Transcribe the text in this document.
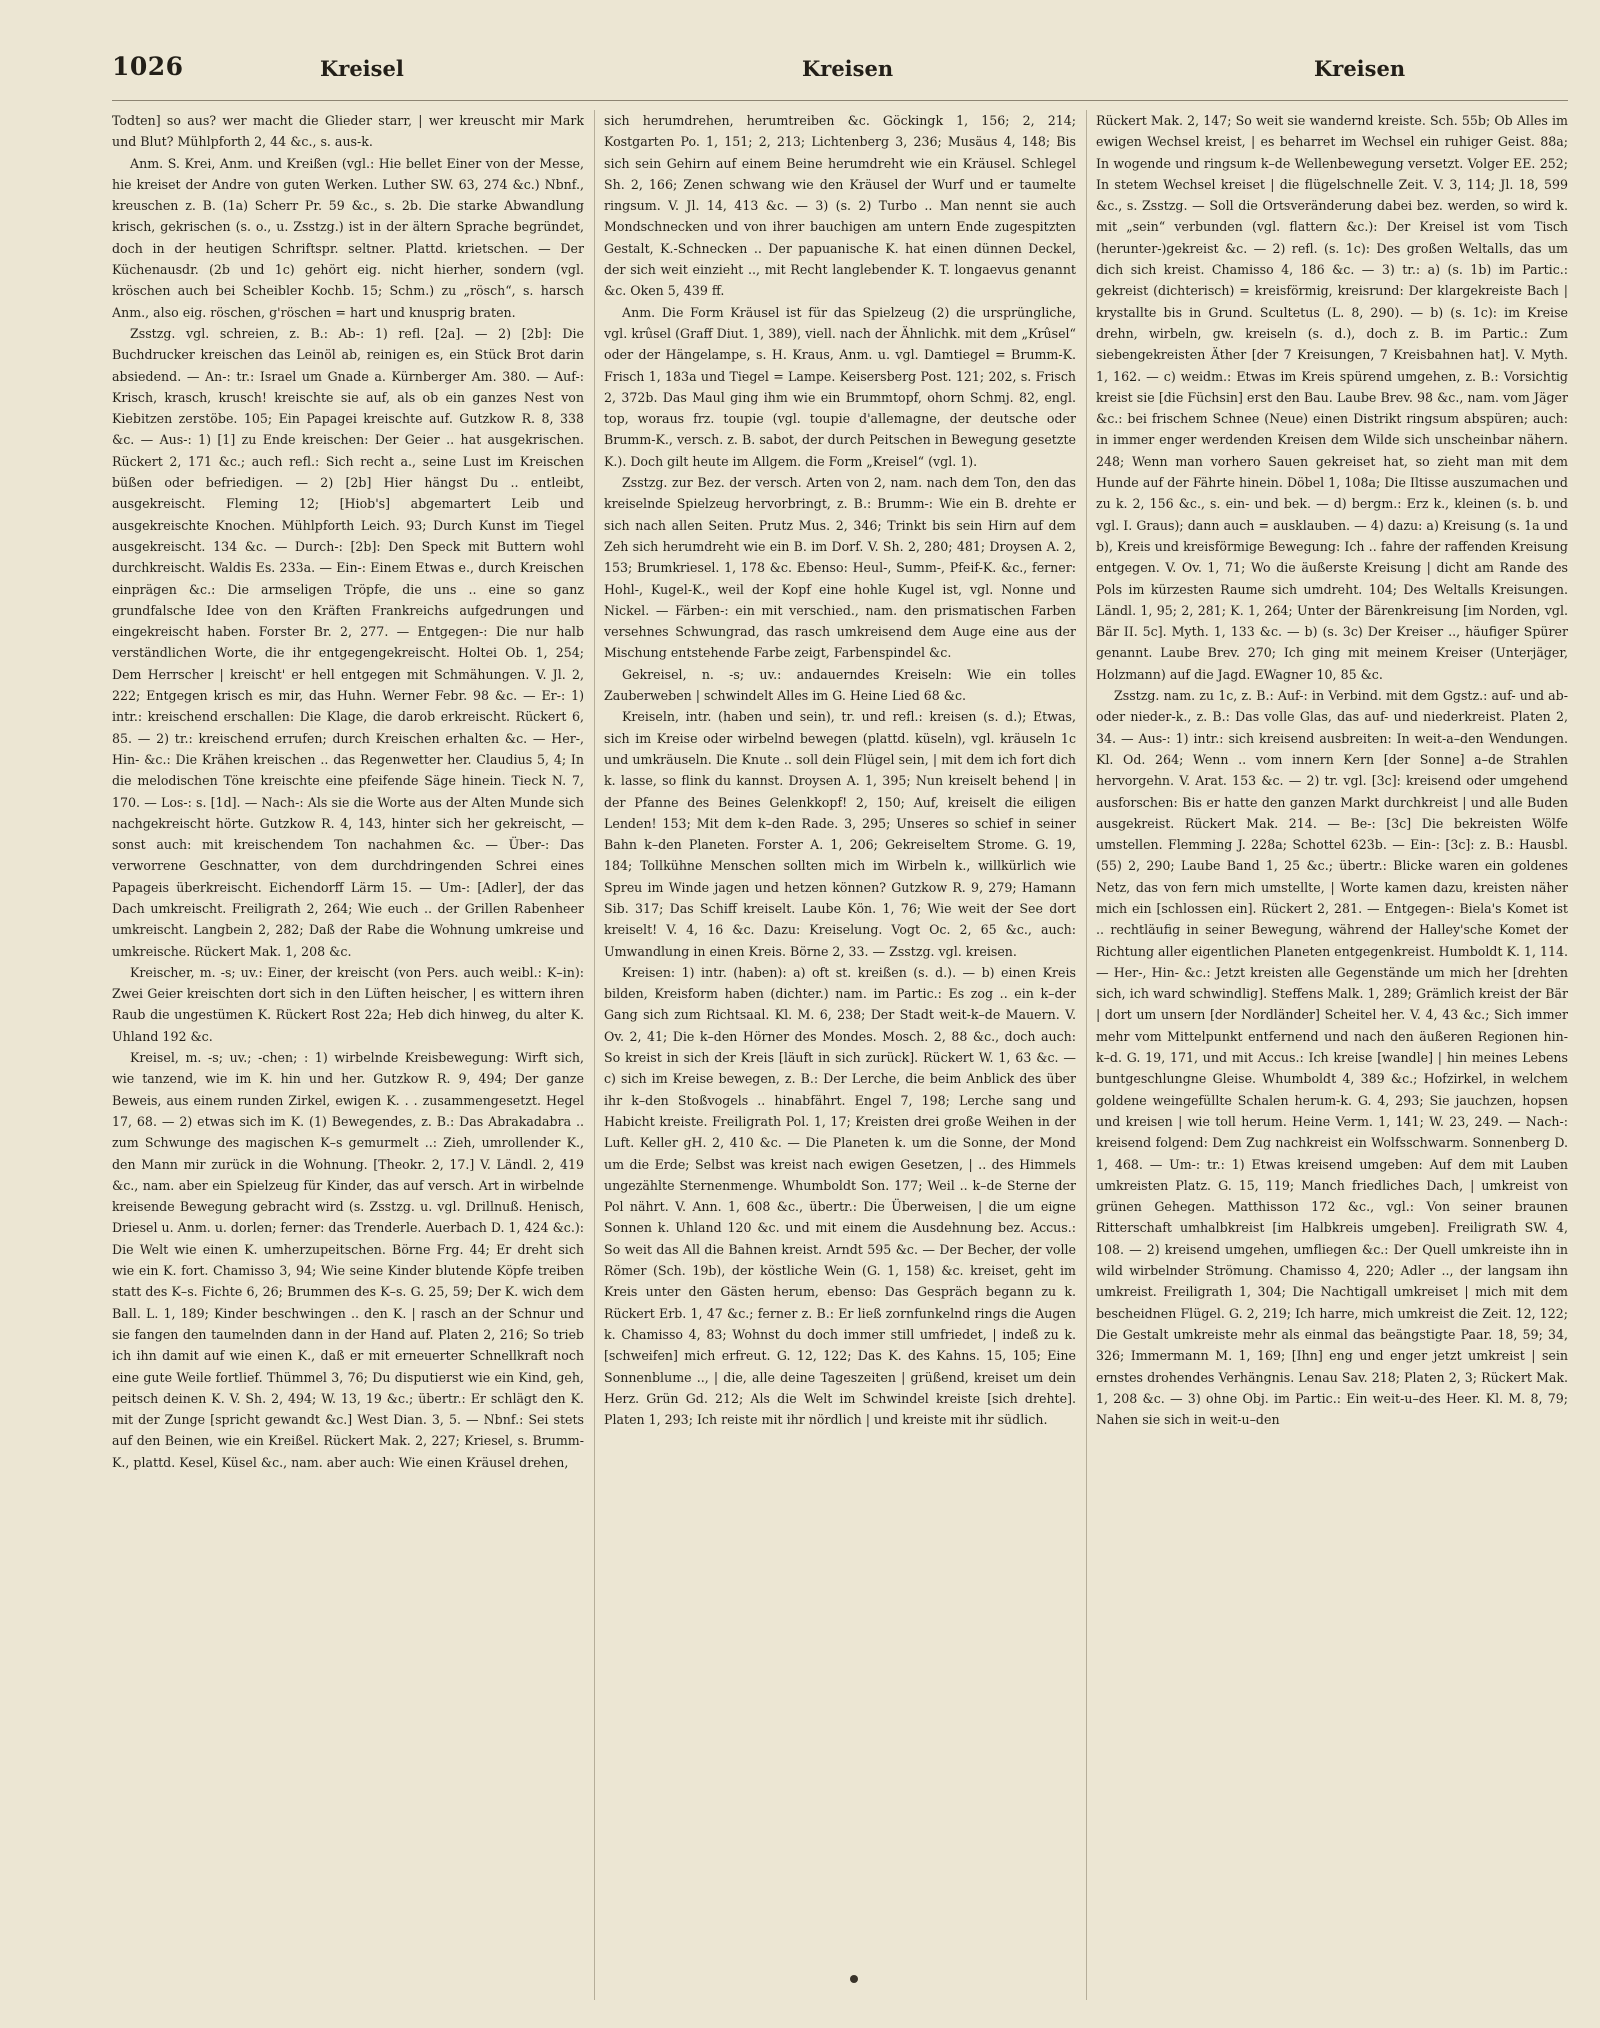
1026	Kreisel	Kreisen	Kreisen

Todten] so aus? wer macht die Glieder starr, | wer kreuscht mir Mark und Blut? Mühlpforth 2, 44 &c., s. aus-k.

Anm. S. Krei, Anm. und Kreißen (vgl.: Hie bellet Einer von der Messe, hie kreiset der Andre von guten Werken. Luther SW. 63, 274 &c.) Nbnf., kreuschen z. B. (1a) Scherr Pr. 59 &c., s. 2b. Die starke Abwandlung krisch, gekrischen (s. o., u. Zsstzg.) ist in der ältern Sprache begründet, doch in der heutigen Schriftspr. seltner. Plattd. krietschen. — Der Küchenausdr. (2b und 1c) gehört eig. nicht hierher, sondern (vgl. kröschen auch bei Scheibler Kochb. 15; Schm.) zu „rösch“, s. harsch Anm., also eig. röschen, g'röschen = hart und knusprig braten.

Zsstzg. vgl. schreien, z. B.: Ab-: 1) refl. [2a]. — 2) [2b]: Die Buchdrucker kreischen das Leinöl ab, reinigen es, ein Stück Brot darin absiedend. — An-: tr.: Israel um Gnade a. Kürnberger Am. 380. — Auf-: Krisch, krasch, krusch! kreischte sie auf, als ob ein ganzes Nest von Kiebitzen zerstöbe. 105; Ein Papagei kreischte auf. Gutzkow R. 8, 338 &c. — Aus-: 1) [1] zu Ende kreischen: Der Geier .. hat ausgekrischen. Rückert 2, 171 &c.; auch refl.: Sich recht a., seine Lust im Kreischen büßen oder befriedigen. — 2) [2b] Hier hängst Du .. entleibt, ausgekreischt. Fleming 12; [Hiob's] abgemartert Leib und ausgekreischte Knochen. Mühlpforth Leich. 93; Durch Kunst im Tiegel ausgekreischt. 134 &c. — Durch-: [2b]: Den Speck mit Buttern wohl durchkreischt. Waldis Es. 233a. — Ein-: Einem Etwas e., durch Kreischen einprägen &c.: Die armseligen Tröpfe, die uns .. eine so ganz grundfalsche Idee von den Kräften Frankreichs aufgedrungen und eingekreischt haben. Forster Br. 2, 277. — Entgegen-: Die nur halb verständlichen Worte, die ihr entgegengekreischt. Holtei Ob. 1, 254; Dem Herrscher | kreischt' er hell entgegen mit Schmähungen. V. Jl. 2, 222; Entgegen krisch es mir, das Huhn. Werner Febr. 98 &c. — Er-: 1) intr.: kreischend erschallen: Die Klage, die darob erkreischt. Rückert 6, 85. — 2) tr.: kreischend errufen; durch Kreischen erhalten &c. — Her-, Hin- &c.: Die Krähen kreischen .. das Regenwetter her. Claudius 5, 4; In die melodischen Töne kreischte eine pfeifende Säge hinein. Tieck N. 7, 170. — Los-: s. [1d]. — Nach-: Als sie die Worte aus der Alten Munde sich nachgekreischt hörte. Gutzkow R. 4, 143, hinter sich her gekreischt, — sonst auch: mit kreischendem Ton nachahmen &c. — Über-: Das verworrene Geschnatter, von dem durchdringenden Schrei eines Papageis überkreischt. Eichendorff Lärm 15. — Um-: [Adler], der das Dach umkreischt. Freiligrath 2, 264; Wie euch .. der Grillen Rabenheer umkreischt. Langbein 2, 282; Daß der Rabe die Wohnung umkreise und umkreische. Rückert Mak. 1, 208 &c.

Kreischer, m. -s; uv.: Einer, der kreischt (von Pers. auch weibl.: K–in): Zwei Geier kreischten dort sich in den Lüften heischer, | es wittern ihren Raub die ungestümen K. Rückert Rost 22a; Heb dich hinweg, du alter K. Uhland 192 &c.

Kreisel, m. -s; uv.; -chen; : 1) wirbelnde Kreisbewegung: Wirft sich, wie tanzend, wie im K. hin und her. Gutzkow R. 9, 494; Der ganze Beweis, aus einem runden Zirkel, ewigen K. . . zusammengesetzt. Hegel 17, 68. — 2) etwas sich im K. (1) Bewegendes, z. B.: Das Abrakadabra .. zum Schwunge des magischen K–s gemurmelt ..: Zieh, umrollender K., den Mann mir zurück in die Wohnung. [Theokr. 2, 17.] V. Ländl. 2, 419 &c., nam. aber ein Spielzeug für Kinder, das auf versch. Art in wirbelnde kreisende Bewegung gebracht wird (s. Zsstzg. u. vgl. Drillnuß. Henisch, Driesel u. Anm. u. dorlen; ferner: das Trenderle. Auerbach D. 1, 424 &c.): Die Welt wie einen K. umherzupeitschen. Börne Frg. 44; Er dreht sich wie ein K. fort. Chamisso 3, 94; Wie seine Kinder blutende Köpfe treiben statt des K–s. Fichte 6, 26; Brummen des K–s. G. 25, 59; Der K. wich dem Ball. L. 1, 189; Kinder beschwingen .. den K. | rasch an der Schnur und sie fangen den taumelnden dann in der Hand auf. Platen 2, 216; So trieb ich ihn damit auf wie einen K., daß er mit erneuerter Schnellkraft noch eine gute Weile fortlief. Thümmel 3, 76; Du disputierst wie ein Kind, geh, peitsch deinen K. V. Sh. 2, 494; W. 13, 19 &c.; übertr.: Er schlägt den K. mit der Zunge [spricht gewandt &c.] West Dian. 3, 5. — Nbnf.: Sei stets auf den Beinen, wie ein Kreißel. Rückert Mak. 2, 227; Kriesel, s. Brumm-K., plattd. Kesel, Küsel &c., nam. aber auch: Wie einen Kräusel drehen,

sich herumdrehen, herumtreiben &c. Göckingk 1, 156; 2, 214; Kostgarten Po. 1, 151; 2, 213; Lichtenberg 3, 236; Musäus 4, 148; Bis sich sein Gehirn auf einem Beine herumdreht wie ein Kräusel. Schlegel Sh. 2, 166; Zenen schwang wie den Kräusel der Wurf und er taumelte ringsum. V. Jl. 14, 413 &c. — 3) (s. 2) Turbo .. Man nennt sie auch Mondschnecken und von ihrer bauchigen am untern Ende zugespitzten Gestalt, K.-Schnecken .. Der papuanische K. hat einen dünnen Deckel, der sich weit einzieht .., mit Recht langlebender K. T. longaevus genannt &c. Oken 5, 439 ff.

Anm. Die Form Kräusel ist für das Spielzeug (2) die ursprüngliche, vgl. krûsel (Graff Diut. 1, 389), viell. nach der Ähnlichk. mit dem „Krûsel“ oder der Hängelampe, s. H. Kraus, Anm. u. vgl. Damtiegel = Brumm-K. Frisch 1, 183a und Tiegel = Lampe. Keisersberg Post. 121; 202, s. Frisch 2, 372b. Das Maul ging ihm wie ein Brummtopf, ohorn Schmj. 82, engl. top, woraus frz. toupie (vgl. toupie d'allemagne, der deutsche oder Brumm-K., versch. z. B. sabot, der durch Peitschen in Bewegung gesetzte K.). Doch gilt heute im Allgem. die Form „Kreisel“ (vgl. 1).

Zsstzg. zur Bez. der versch. Arten von 2, nam. nach dem Ton, den das kreiselnde Spielzeug hervorbringt, z. B.: Brumm-: Wie ein B. drehte er sich nach allen Seiten. Prutz Mus. 2, 346; Trinkt bis sein Hirn auf dem Zeh sich herumdreht wie ein B. im Dorf. V. Sh. 2, 280; 481; Droysen A. 2, 153; Brumkriesel. 1, 178 &c. Ebenso: Heul-, Summ-, Pfeif-K. &c., ferner: Hohl-, Kugel-K., weil der Kopf eine hohle Kugel ist, vgl. Nonne und Nickel. — Färben-: ein mit verschied., nam. den prismatischen Farben versehnes Schwungrad, das rasch umkreisend dem Auge eine aus der Mischung entstehende Farbe zeigt, Farbenspindel &c.

Gekreisel, n. -s; uv.: andauerndes Kreiseln: Wie ein tolles Zauberweben | schwindelt Alles im G. Heine Lied 68 &c.

Kreiseln, intr. (haben und sein), tr. und refl.: kreisen (s. d.); Etwas, sich im Kreise oder wirbelnd bewegen (plattd. küseln), vgl. kräuseln 1c und umkräuseln. Die Knute .. soll dein Flügel sein, | mit dem ich fort dich k. lasse, so flink du kannst. Droysen A. 1, 395; Nun kreiselt behend | in der Pfanne des Beines Gelenkkopf! 2, 150; Auf, kreiselt die eiligen Lenden! 153; Mit dem k–den Rade. 3, 295; Unseres so schief in seiner Bahn k–den Planeten. Forster A. 1, 206; Gekreiseltem Strome. G. 19, 184; Tollkühne Menschen sollten mich im Wirbeln k., willkürlich wie Spreu im Winde jagen und hetzen können? Gutzkow R. 9, 279; Hamann Sib. 317; Das Schiff kreiselt. Laube Kön. 1, 76; Wie weit der See dort kreiselt! V. 4, 16 &c. Dazu: Kreiselung. Vogt Oc. 2, 65 &c., auch: Umwandlung in einen Kreis. Börne 2, 33. — Zsstzg. vgl. kreisen.

Kreisen: 1) intr. (haben): a) oft st. kreißen (s. d.). — b) einen Kreis bilden, Kreisform haben (dichter.) nam. im Partic.: Es zog .. ein k–der Gang sich zum Richtsaal. Kl. M. 6, 238; Der Stadt weit-k–de Mauern. V. Ov. 2, 41; Die k–den Hörner des Mondes. Mosch. 2, 88 &c., doch auch: So kreist in sich der Kreis [läuft in sich zurück]. Rückert W. 1, 63 &c. — c) sich im Kreise bewegen, z. B.: Der Lerche, die beim Anblick des über ihr k–den Stoßvogels .. hinabfährt. Engel 7, 198; Lerche sang und Habicht kreiste. Freiligrath Pol. 1, 17; Kreisten drei große Weihen in der Luft. Keller gH. 2, 410 &c. — Die Planeten k. um die Sonne, der Mond um die Erde; Selbst was kreist nach ewigen Gesetzen, | .. des Himmels ungezählte Sternenmenge. Whumboldt Son. 177; Weil .. k–de Sterne der Pol nährt. V. Ann. 1, 608 &c., übertr.: Die Überweisen, | die um eigne Sonnen k. Uhland 120 &c. und mit einem die Ausdehnung bez. Accus.: So weit das All die Bahnen kreist. Arndt 595 &c. — Der Becher, der volle Römer (Sch. 19b), der köstliche Wein (G. 1, 158) &c. kreiset, geht im Kreis unter den Gästen herum, ebenso: Das Gespräch begann zu k. Rückert Erb. 1, 47 &c.; ferner z. B.: Er ließ zornfunkelnd rings die Augen k. Chamisso 4, 83; Wohnst du doch immer still umfriedet, | indeß zu k. [schweifen] mich erfreut. G. 12, 122; Das K. des Kahns. 15, 105; Eine Sonnenblume .., | die, alle deine Tageszeiten | grüßend, kreiset um dein Herz. Grün Gd. 212; Als die Welt im Schwindel kreiste [sich drehte]. Platen 1, 293; Ich reiste mit ihr nördlich | und kreiste mit ihr südlich.

Rückert Mak. 2, 147; So weit sie wandernd kreiste. Sch. 55b; Ob Alles im ewigen Wechsel kreist, | es beharret im Wechsel ein ruhiger Geist. 88a; In wogende und ringsum k–de Wellenbewegung versetzt. Volger EE. 252; In stetem Wechsel kreiset | die flügelschnelle Zeit. V. 3, 114; Jl. 18, 599 &c., s. Zsstzg. — Soll die Ortsveränderung dabei bez. werden, so wird k. mit „sein“ verbunden (vgl. flattern &c.): Der Kreisel ist vom Tisch (herunter-)gekreist &c. — 2) refl. (s. 1c): Des großen Weltalls, das um dich sich kreist. Chamisso 4, 186 &c. — 3) tr.: a) (s. 1b) im Partic.: gekreist (dichterisch) = kreisförmig, kreisrund: Der klargekreiste Bach | krystallte bis in Grund. Scultetus (L. 8, 290). — b) (s. 1c): im Kreise drehn, wirbeln, gw. kreiseln (s. d.), doch z. B. im Partic.: Zum siebengekreisten Äther [der 7 Kreisungen, 7 Kreisbahnen hat]. V. Myth. 1, 162. — c) weidm.: Etwas im Kreis spürend umgehen, z. B.: Vorsichtig kreist sie [die Füchsin] erst den Bau. Laube Brev. 98 &c., nam. vom Jäger &c.: bei frischem Schnee (Neue) einen Distrikt ringsum abspüren; auch: in immer enger werdenden Kreisen dem Wilde sich unscheinbar nähern. 248; Wenn man vorhero Sauen gekreiset hat, so zieht man mit dem Hunde auf der Fährte hinein. Döbel 1, 108a; Die Iltisse auszumachen und zu k. 2, 156 &c., s. ein- und bek. — d) bergm.: Erz k., kleinen (s. b. und vgl. I. Graus); dann auch = ausklauben. — 4) dazu: a) Kreisung (s. 1a und b), Kreis und kreisförmige Bewegung: Ich .. fahre der raffenden Kreisung entgegen. V. Ov. 1, 71; Wo die äußerste Kreisung | dicht am Rande des Pols im kürzesten Raume sich umdreht. 104; Des Weltalls Kreisungen. Ländl. 1, 95; 2, 281; K. 1, 264; Unter der Bärenkreisung [im Norden, vgl. Bär II. 5c]. Myth. 1, 133 &c. — b) (s. 3c) Der Kreiser .., häufiger Spürer genannt. Laube Brev. 270; Ich ging mit meinem Kreiser (Unterjäger, Holzmann) auf die Jagd. EWagner 10, 85 &c.

Zsstzg. nam. zu 1c, z. B.: Auf-: in Verbind. mit dem Ggstz.: auf- und ab- oder nieder-k., z. B.: Das volle Glas, das auf- und niederkreist. Platen 2, 34. — Aus-: 1) intr.: sich kreisend ausbreiten: In weit-a–den Wendungen. Kl. Od. 264; Wenn .. vom innern Kern [der Sonne] a–de Strahlen hervorgehn. V. Arat. 153 &c. — 2) tr. vgl. [3c]: kreisend oder umgehend ausforschen: Bis er hatte den ganzen Markt durchkreist | und alle Buden ausgekreist. Rückert Mak. 214. — Be-: [3c] Die bekreisten Wölfe umstellen. Flemming J. 228a; Schottel 623b. — Ein-: [3c]: z. B.: Hausbl. (55) 2, 290; Laube Band 1, 25 &c.; übertr.: Blicke waren ein goldenes Netz, das von fern mich umstellte, | Worte kamen dazu, kreisten näher mich ein [schlossen ein]. Rückert 2, 281. — Entgegen-: Biela's Komet ist .. rechtläufig in seiner Bewegung, während der Halley'sche Komet der Richtung aller eigentlichen Planeten entgegenkreist. Humboldt K. 1, 114. — Her-, Hin- &c.: Jetzt kreisten alle Gegenstände um mich her [drehten sich, ich ward schwindlig]. Steffens Malk. 1, 289; Grämlich kreist der Bär | dort um unsern [der Nordländer] Scheitel her. V. 4, 43 &c.; Sich immer mehr vom Mittelpunkt entfernend und nach den äußeren Regionen hin-k–d. G. 19, 171, und mit Accus.: Ich kreise [wandle] | hin meines Lebens buntgeschlungne Gleise. Whumboldt 4, 389 &c.; Hofzirkel, in welchem goldene weingefüllte Schalen herum-k. G. 4, 293; Sie jauchzen, hopsen und kreisen | wie toll herum. Heine Verm. 1, 141; W. 23, 249. — Nach-: kreisend folgend: Dem Zug nachkreist ein Wolfsschwarm. Sonnenberg D. 1, 468. — Um-: tr.: 1) Etwas kreisend umgeben: Auf dem mit Lauben umkreisten Platz. G. 15, 119; Manch friedliches Dach, | umkreist von grünen Gehegen. Matthisson 172 &c., vgl.: Von seiner braunen Ritterschaft umhalbkreist [im Halbkreis umgeben]. Freiligrath SW. 4, 108. — 2) kreisend umgehen, umfliegen &c.: Der Quell umkreiste ihn in wild wirbelnder Strömung. Chamisso 4, 220; Adler .., der langsam ihn umkreist. Freiligrath 1, 304; Die Nachtigall umkreiset | mich mit dem bescheidnen Flügel. G. 2, 219; Ich harre, mich umkreist die Zeit. 12, 122; Die Gestalt umkreiste mehr als einmal das beängstigte Paar. 18, 59; 34, 326; Immermann M. 1, 169; [Ihn] eng und enger jetzt umkreist | sein ernstes drohendes Verhängnis. Lenau Sav. 218; Platen 2, 3; Rückert Mak. 1, 208 &c. — 3) ohne Obj. im Partic.: Ein weit-u–des Heer. Kl. M. 8, 79; Nahen sie sich in weit-u–den
